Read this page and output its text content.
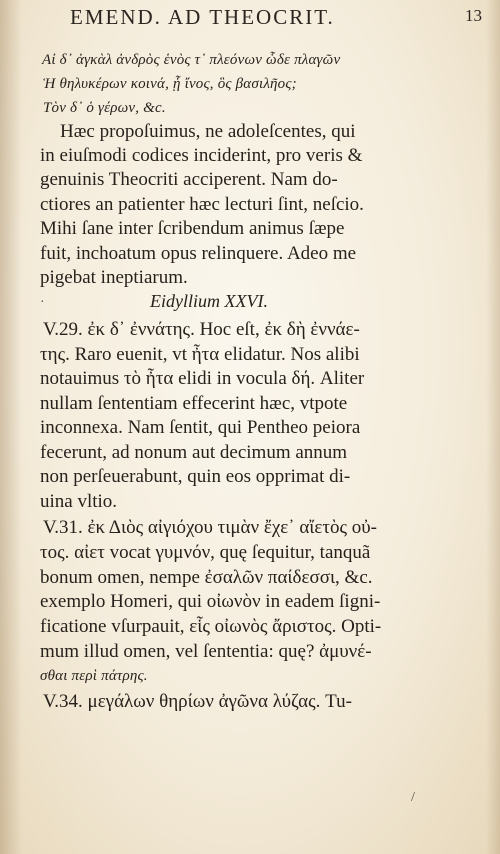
EMEND. AD THEOCRIT.	13
Αἰ δ᾽ ἀγκὰλ ἀνδρὸς ἑνὸς τ᾽ πλεόνων ὧδε πλαγῶν
Ἡ θηλυκέρων κοινά, ᾗ ἴνος, ὃς βασιλῆος;
Τὸν δ᾽ ὁ γέρων, &c.
Hæc propoſuimus, ne adoleſcentes, qui
in eiuſmodi codices inciderint, pro veris &
genuinis Theocriti acciperent. Nam do-
ctiores an patienter hæc lecturi ſint, neſcio.
Mihi ſane inter ſcribendum animus ſæpe
fuit, inchoatum opus relinquere. Adeo me
pigebat ineptiarum.
Eidyllium XXVI.
V.29. ἐκ δ᾽ ἐννάτης. Hoc eſt, ἐκ δὴ ἐννάε-
της. Raro euenit, vt ἦτα elidatur. Nos alibi
notauimus τὸ ἦτα elidi in vocula δή. Aliter
nullam ſententiam effecerint hæc, vtpote
inconnexa. Nam ſentit, qui Pentheo peiora
fecerunt, ad nonum aut decimum annum
non perſeuerabunt, quin eos opprimat di-
uina vltio.
V.31. ἐκ Διὸς αἰγιόχου τιμὰν ἔχε᾽ αἴετὸς οὐ-
τος. αἰετ vocat γυμνόν, quę ſequitur, tanquã
bonum omen, nempe ἐσαλῶν παίδεσσι, &c.
exemplo Homeri, qui οἰωνὸν in eadem ſigni-
ficatione vſurpauit, εἷς οἰωνὸς ἄριστος. Opti-
mum illud omen, vel ſententia: quę? ἀμυνέ-
σθαι περὶ πάτρης.
V.34. μεγάλων θηρίων ἀγῶνα λύζας. Tu-
·
/
